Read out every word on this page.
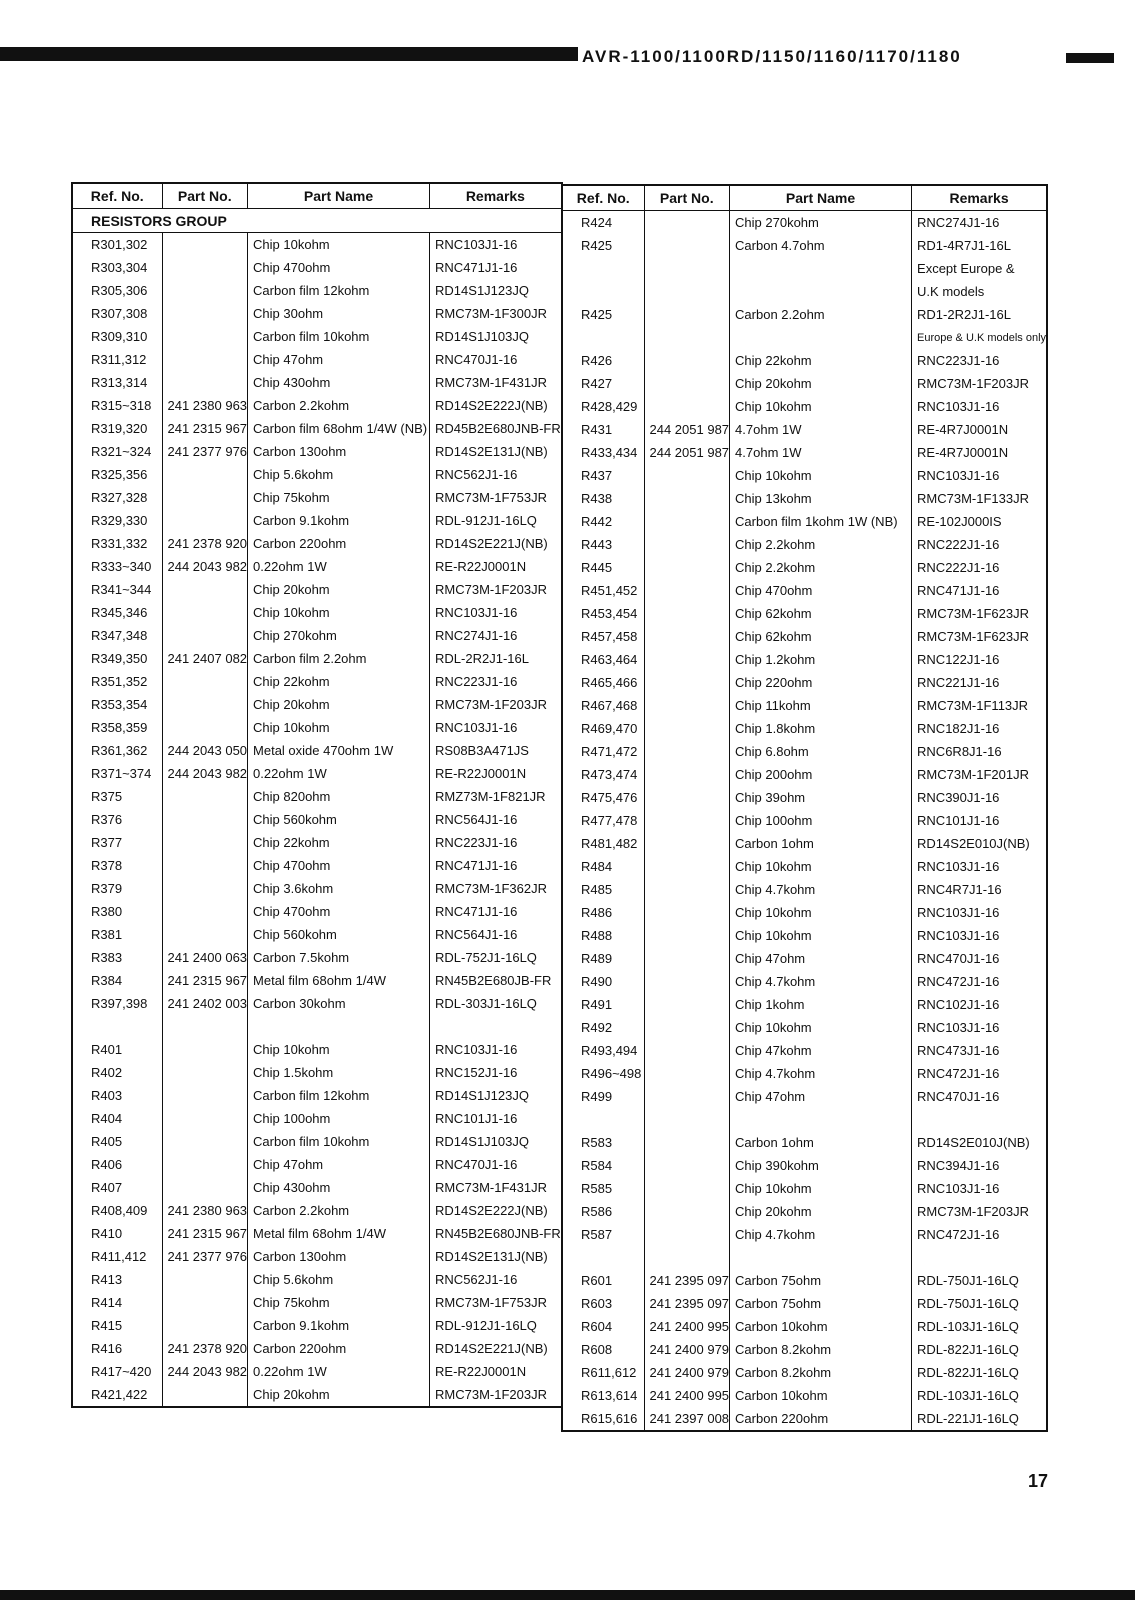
AVR-1100/1100RD/1150/1160/1170/1180
Ref. No.	Part No.	Part Name	Remarks
RESISTORS GROUP			
R301,302		Chip 10kohm	RNC103J1-16
R303,304		Chip 470ohm	RNC471J1-16
R305,306		Carbon film 12kohm	RD14S1J123JQ
R307,308		Chip 30ohm	RMC73M-1F300JR
R309,310		Carbon film 10kohm	RD14S1J103JQ
R311,312		Chip 47ohm	RNC470J1-16
R313,314		Chip 430ohm	RMC73M-1F431JR
R315~318	241 2380 963	Carbon 2.2kohm	RD14S2E222J(NB)
R319,320	241 2315 967	Carbon film 68ohm 1/4W (NB)	RD45B2E680JNB-FR
R321~324	241 2377 976	Carbon 130ohm	RD14S2E131J(NB)
R325,356		Chip 5.6kohm	RNC562J1-16
R327,328		Chip 75kohm	RMC73M-1F753JR
R329,330		Carbon 9.1kohm	RDL-912J1-16LQ
R331,332	241 2378 920	Carbon 220ohm	RD14S2E221J(NB)
R333~340	244 2043 982	0.22ohm 1W	RE-R22J0001N
R341~344		Chip 20kohm	RMC73M-1F203JR
R345,346		Chip 10kohm	RNC103J1-16
R347,348		Chip 270kohm	RNC274J1-16
R349,350	241 2407 082	Carbon film 2.2ohm	RDL-2R2J1-16L
R351,352		Chip 22kohm	RNC223J1-16
R353,354		Chip 20kohm	RMC73M-1F203JR
R358,359		Chip 10kohm	RNC103J1-16
R361,362	244 2043 050	Metal oxide 470ohm 1W	RS08B3A471JS
R371~374	244 2043 982	0.22ohm 1W	RE-R22J0001N
R375		Chip 820ohm	RMZ73M-1F821JR
R376		Chip 560kohm	RNC564J1-16
R377		Chip 22kohm	RNC223J1-16
R378		Chip 470ohm	RNC471J1-16
R379		Chip 3.6kohm	RMC73M-1F362JR
R380		Chip 470ohm	RNC471J1-16
R381		Chip 560kohm	RNC564J1-16
R383	241 2400 063	Carbon 7.5kohm	RDL-752J1-16LQ
R384	241 2315 967	Metal film 68ohm 1/4W	RN45B2E680JB-FR
R397,398	241 2402 003	Carbon 30kohm	RDL-303J1-16LQ

R401		Chip 10kohm	RNC103J1-16
R402		Chip 1.5kohm	RNC152J1-16
R403		Carbon film 12kohm	RD14S1J123JQ
R404		Chip 100ohm	RNC101J1-16
R405		Carbon film 10kohm	RD14S1J103JQ
R406		Chip 47ohm	RNC470J1-16
R407		Chip 430ohm	RMC73M-1F431JR
R408,409	241 2380 963	Carbon 2.2kohm	RD14S2E222J(NB)
R410	241 2315 967	Metal film 68ohm 1/4W	RN45B2E680JNB-FR
R411,412	241 2377 976	Carbon 130ohm	RD14S2E131J(NB)
R413		Chip 5.6kohm	RNC562J1-16
R414		Chip 75kohm	RMC73M-1F753JR
R415		Carbon 9.1kohm	RDL-912J1-16LQ
R416	241 2378 920	Carbon 220ohm	RD14S2E221J(NB)
R417~420	244 2043 982	0.22ohm 1W	RE-R22J0001N
R421,422		Chip 20kohm	RMC73M-1F203JR
Ref. No.	Part No.	Part Name	Remarks
R424		Chip 270kohm	RNC274J1-16
R425		Carbon 4.7ohm	RD1-4R7J1-16L
			Except Europe &
			U.K models
R425		Carbon 2.2ohm	RD1-2R2J1-16L
			Europe & U.K models only
R426		Chip 22kohm	RNC223J1-16
R427		Chip 20kohm	RMC73M-1F203JR
R428,429		Chip 10kohm	RNC103J1-16
R431	244 2051 987	4.7ohm 1W	RE-4R7J0001N
R433,434	244 2051 987	4.7ohm 1W	RE-4R7J0001N
R437		Chip 10kohm	RNC103J1-16
R438		Chip 13kohm	RMC73M-1F133JR
R442		Carbon film 1kohm 1W (NB)	RE-102J000IS
R443		Chip 2.2kohm	RNC222J1-16
R445		Chip 2.2kohm	RNC222J1-16
R451,452		Chip 470ohm	RNC471J1-16
R453,454		Chip 62kohm	RMC73M-1F623JR
R457,458		Chip 62kohm	RMC73M-1F623JR
R463,464		Chip 1.2kohm	RNC122J1-16
R465,466		Chip 220ohm	RNC221J1-16
R467,468		Chip 11kohm	RMC73M-1F113JR
R469,470		Chip 1.8kohm	RNC182J1-16
R471,472		Chip 6.8ohm	RNC6R8J1-16
R473,474		Chip 200ohm	RMC73M-1F201JR
R475,476		Chip 39ohm	RNC390J1-16
R477,478		Chip 100ohm	RNC101J1-16
R481,482		Carbon 1ohm	RD14S2E010J(NB)
R484		Chip 10kohm	RNC103J1-16
R485		Chip 4.7kohm	RNC4R7J1-16
R486		Chip 10kohm	RNC103J1-16
R488		Chip 10kohm	RNC103J1-16
R489		Chip 47ohm	RNC470J1-16
R490		Chip 4.7kohm	RNC472J1-16
R491		Chip 1kohm	RNC102J1-16
R492		Chip 10kohm	RNC103J1-16
R493,494		Chip 47kohm	RNC473J1-16
R496~498		Chip 4.7kohm	RNC472J1-16
R499		Chip 47ohm	RNC470J1-16

R583		Carbon 1ohm	RD14S2E010J(NB)
R584		Chip 390kohm	RNC394J1-16
R585		Chip 10kohm	RNC103J1-16
R586		Chip 20kohm	RMC73M-1F203JR
R587		Chip 4.7kohm	RNC472J1-16

R601	241 2395 097	Carbon 75ohm	RDL-750J1-16LQ
R603	241 2395 097	Carbon 75ohm	RDL-750J1-16LQ
R604	241 2400 995	Carbon 10kohm	RDL-103J1-16LQ
R608	241 2400 979	Carbon 8.2kohm	RDL-822J1-16LQ
R611,612	241 2400 979	Carbon 8.2kohm	RDL-822J1-16LQ
R613,614	241 2400 995	Carbon 10kohm	RDL-103J1-16LQ
R615,616	241 2397 008	Carbon 220ohm	RDL-221J1-16LQ
17
